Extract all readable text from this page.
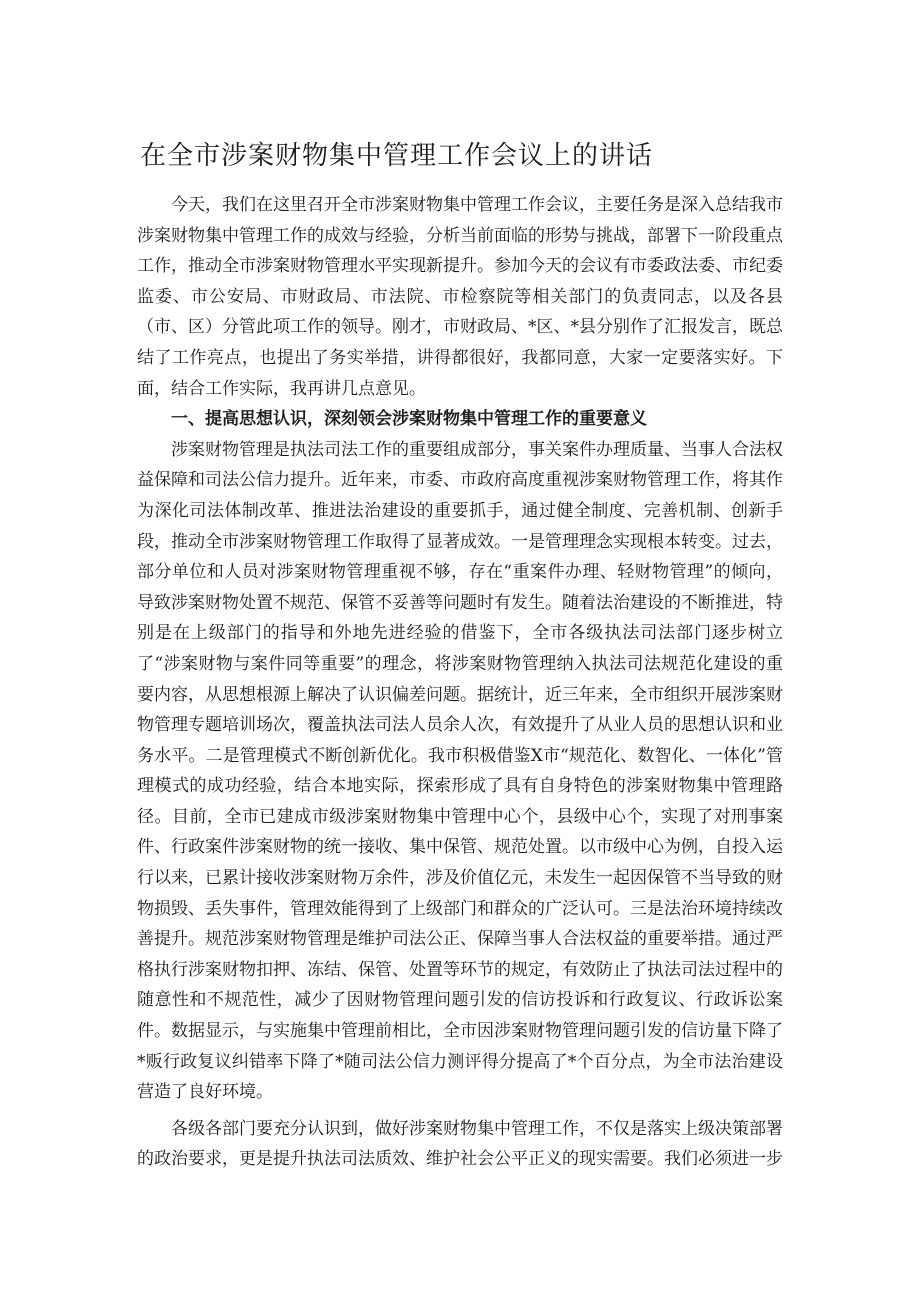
在全市涉案财物集中管理工作会议上的讲话

今天，我们在这里召开全市涉案财物集中管理工作会议，主要任务是深入总结我市涉案财物集中管理工作的成效与经验，分析当前面临的形势与挑战，部署下一阶段重点工作，推动全市涉案财物管理水平实现新提升。参加今天的会议有市委政法委、市纪委监委、市公安局、市财政局、市法院、市检察院等相关部门的负责同志，以及各县（市、区）分管此项工作的领导。刚才，市财政局、*区、*县分别作了汇报发言，既总结了工作亮点，也提出了务实举措，讲得都很好，我都同意，大家一定要落实好。下面，结合工作实际，我再讲几点意见。

一、提高思想认识，深刻领会涉案财物集中管理工作的重要意义

涉案财物管理是执法司法工作的重要组成部分，事关案件办理质量、当事人合法权益保障和司法公信力提升。近年来，市委、市政府高度重视涉案财物管理工作，将其作为深化司法体制改革、推进法治建设的重要抓手，通过健全制度、完善机制、创新手段，推动全市涉案财物管理工作取得了显著成效。一是管理理念实现根本转变。过去，部分单位和人员对涉案财物管理重视不够，存在“重案件办理、轻财物管理”的倾向，导致涉案财物处置不规范、保管不妥善等问题时有发生。随着法治建设的不断推进，特别是在上级部门的指导和外地先进经验的借鉴下，全市各级执法司法部门逐步树立了“涉案财物与案件同等重要”的理念，将涉案财物管理纳入执法司法规范化建设的重要内容，从思想根源上解决了认识偏差问题。据统计，近三年来，全市组织开展涉案财物管理专题培训场次，覆盖执法司法人员余人次，有效提升了从业人员的思想认识和业务水平。二是管理模式不断创新优化。我市积极借鉴X市“规范化、数智化、一体化”管理模式的成功经验，结合本地实际，探索形成了具有自身特色的涉案财物集中管理路径。目前，全市已建成市级涉案财物集中管理中心个，县级中心个，实现了对刑事案件、行政案件涉案财物的统一接收、集中保管、规范处置。以市级中心为例，自投入运行以来，已累计接收涉案财物万余件，涉及价值亿元，未发生一起因保管不当导致的财物损毁、丢失事件，管理效能得到了上级部门和群众的广泛认可。三是法治环境持续改善提升。规范涉案财物管理是维护司法公正、保障当事人合法权益的重要举措。通过严格执行涉案财物扣押、冻结、保管、处置等环节的规定，有效防止了执法司法过程中的随意性和不规范性，减少了因财物管理问题引发的信访投诉和行政复议、行政诉讼案件。数据显示，与实施集中管理前相比，全市因涉案财物管理问题引发的信访量下降了*贩行政复议纠错率下降了*随司法公信力测评得分提高了*个百分点，为全市法治建设营造了良好环境。

各级各部门要充分认识到，做好涉案财物集中管理工作，不仅是落实上级决策部署的政治要求，更是提升执法司法质效、维护社会公平正义的现实需要。我们必须进一步
